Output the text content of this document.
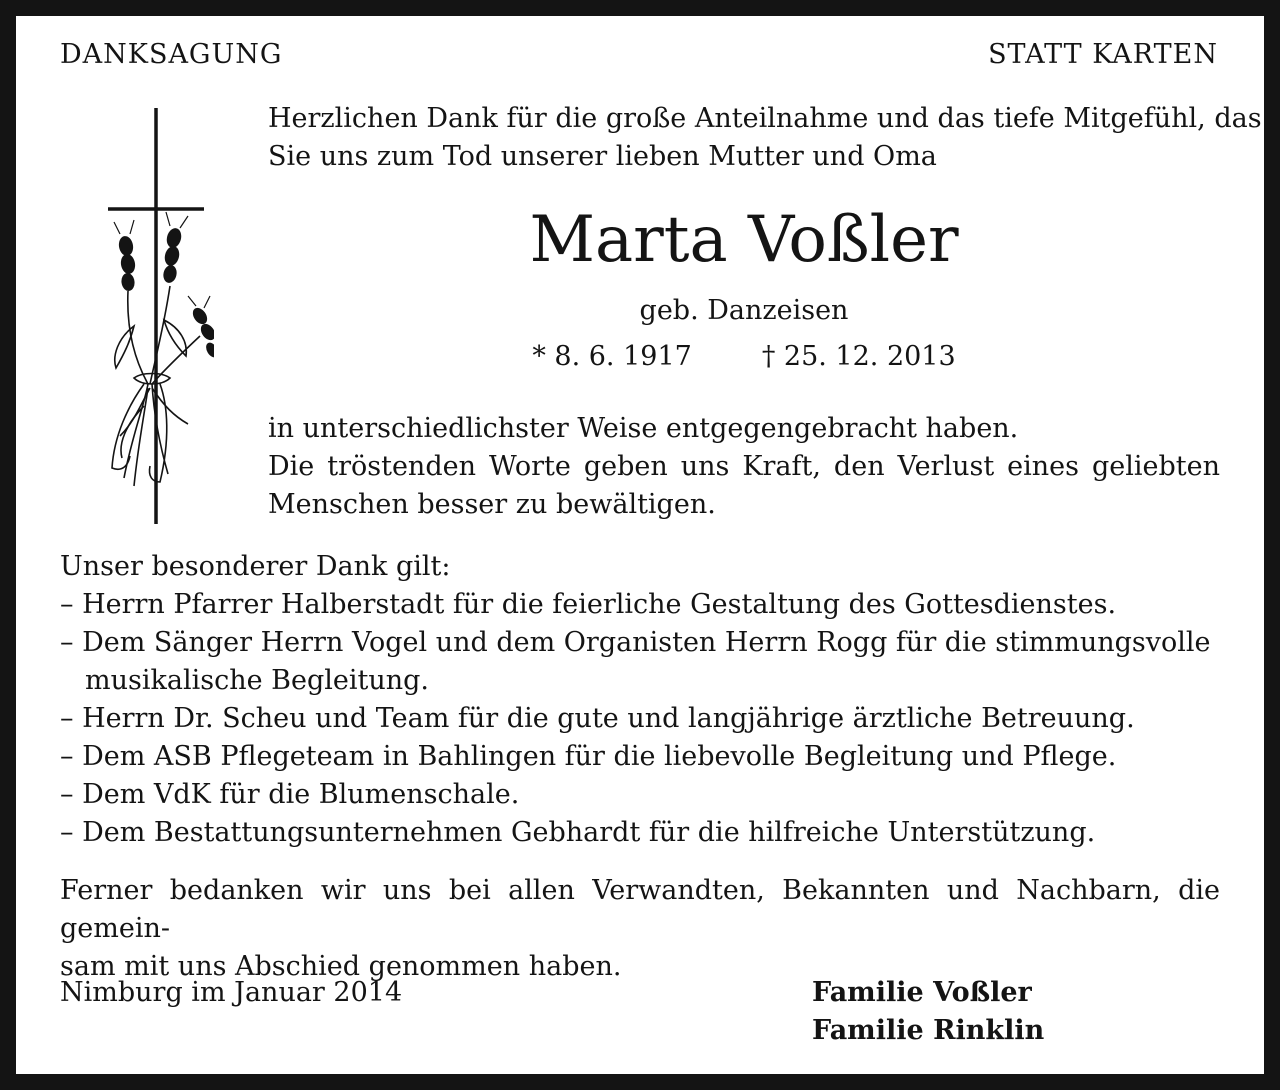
DANKSAGUNG	STATT KARTEN
Herzlichen Dank für die große Anteilnahme und das tiefe Mitgefühl, das
Sie uns zum Tod unserer lieben Mutter und Oma
Marta Voßler
geb. Danzeisen
* 8. 6. 1917	† 25. 12. 2013
in unterschiedlichster Weise entgegengebracht haben.
Die tröstenden Worte geben uns Kraft, den Verlust eines geliebten
Menschen besser zu bewältigen.
Unser besonderer Dank gilt:
– Herrn Pfarrer Halberstadt für die feierliche Gestaltung des Gottesdienstes.
– Dem Sänger Herrn Vogel und dem Organisten Herrn Rogg für die stimmungsvolle
musikalische Begleitung.
– Herrn Dr. Scheu und Team für die gute und langjährige ärztliche Betreuung.
– Dem ASB Pflegeteam in Bahlingen für die liebevolle Begleitung und Pflege.
– Dem VdK für die Blumenschale.
– Dem Bestattungsunternehmen Gebhardt für die hilfreiche Unterstützung.
Ferner bedanken wir uns bei allen Verwandten, Bekannten und Nachbarn, die gemein-
sam mit uns Abschied genommen haben.
Nimburg im Januar 2014	Familie Voßler
Familie Rinklin
